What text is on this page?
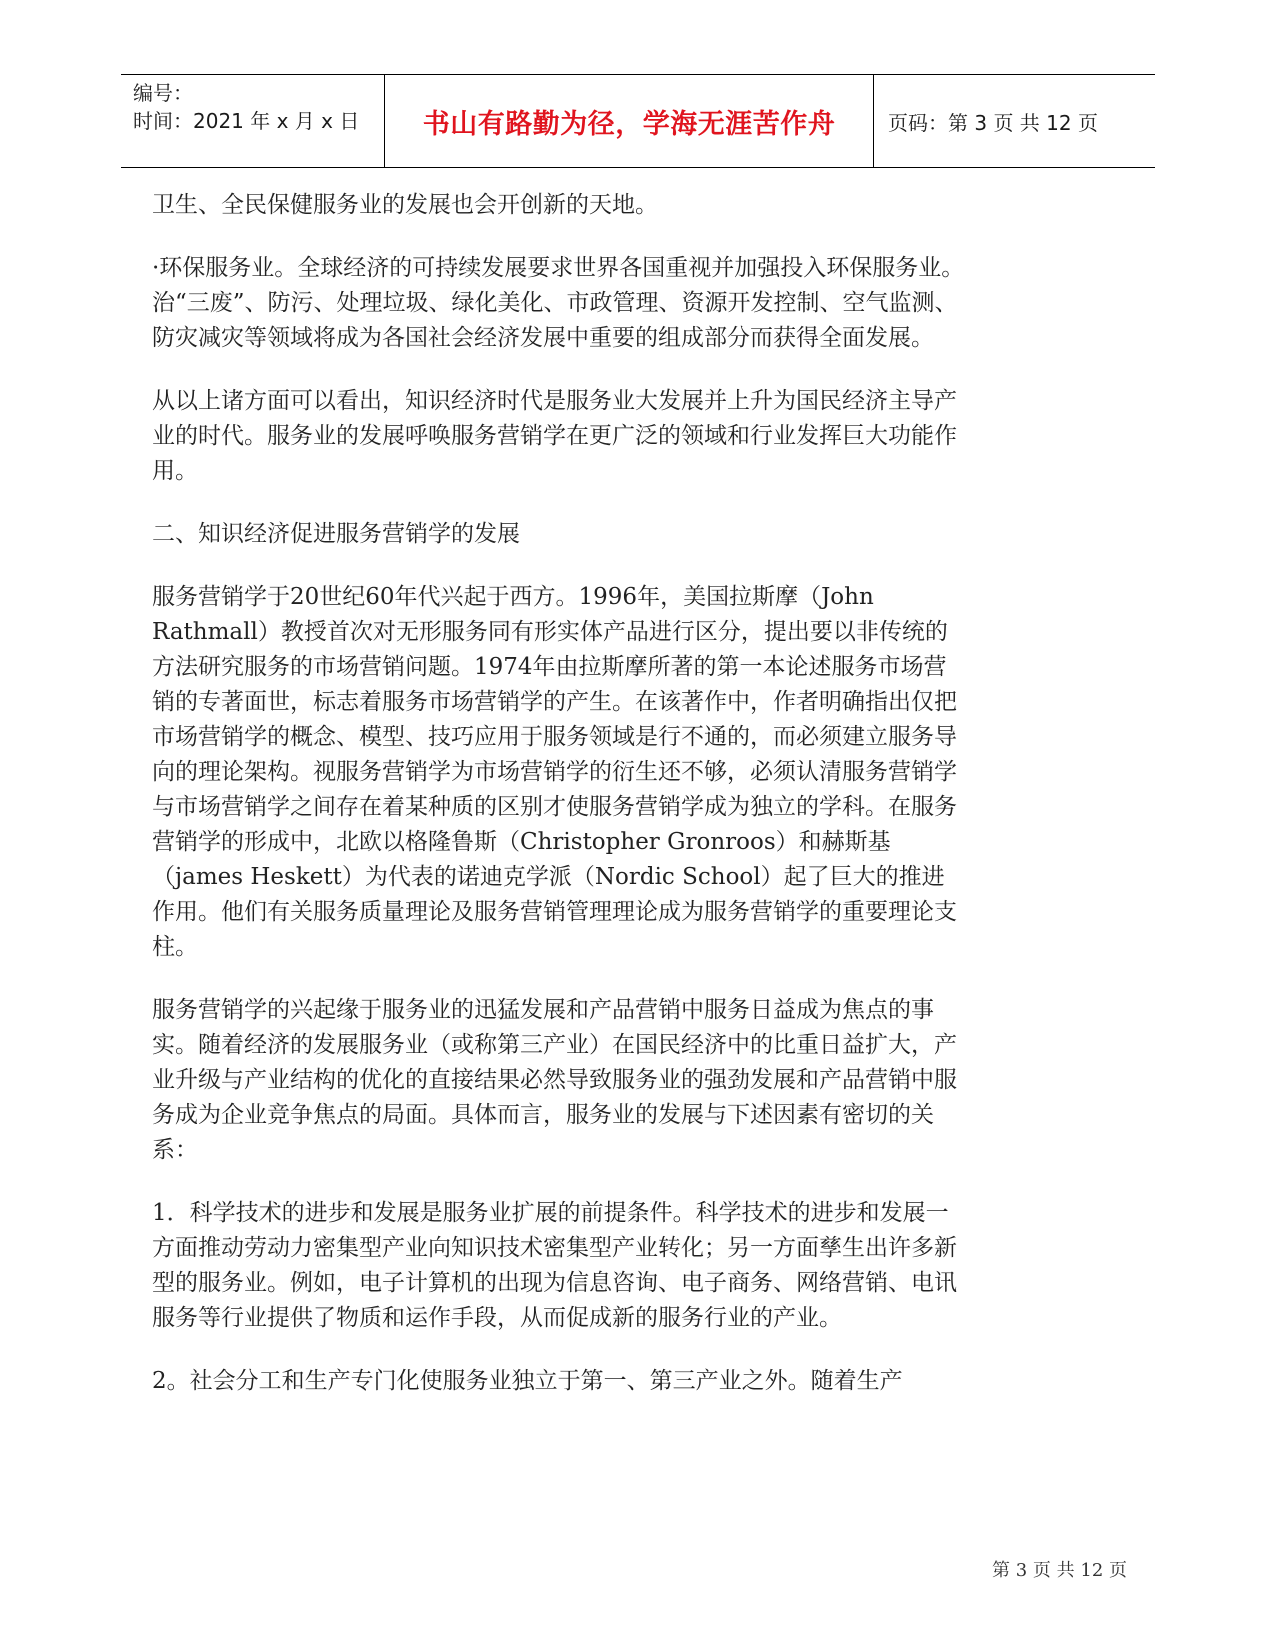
编号：
时间：2021 年 x 月 x 日	书山有路勤为径，学海无涯苦作舟	页码：第 3 页 共 12 页

卫生、全民保健服务业的发展也会开创新的天地。

·环保服务业。全球经济的可持续发展要求世界各国重视并加强投入环保服务业。治“三废”、防污、处理垃圾、绿化美化、市政管理、资源开发控制、空气监测、防灾减灾等领域将成为各国社会经济发展中重要的组成部分而获得全面发展。

从以上诸方面可以看出，知识经济时代是服务业大发展并上升为国民经济主导产业的时代。服务业的发展呼唤服务营销学在更广泛的领域和行业发挥巨大功能作用。

二、知识经济促进服务营销学的发展

服务营销学于20世纪60年代兴起于西方。1996年，美国拉斯摩（John Rathmall）教授首次对无形服务同有形实体产品进行区分，提出要以非传统的方法研究服务的市场营销问题。1974年由拉斯摩所著的第一本论述服务市场营销的专著面世，标志着服务市场营销学的产生。在该著作中，作者明确指出仅把市场营销学的概念、模型、技巧应用于服务领域是行不通的，而必须建立服务导向的理论架构。视服务营销学为市场营销学的衍生还不够，必须认清服务营销学与市场营销学之间存在着某种质的区别才使服务营销学成为独立的学科。在服务营销学的形成中，北欧以格隆鲁斯（Christopher Gronroos）和赫斯基（james Heskett）为代表的诺迪克学派（Nordic School）起了巨大的推进作用。他们有关服务质量理论及服务营销管理理论成为服务营销学的重要理论支柱。

服务营销学的兴起缘于服务业的迅猛发展和产品营销中服务日益成为焦点的事实。随着经济的发展服务业（或称第三产业）在国民经济中的比重日益扩大，产业升级与产业结构的优化的直接结果必然导致服务业的强劲发展和产品营销中服务成为企业竞争焦点的局面。具体而言，服务业的发展与下述因素有密切的关系：

1．科学技术的进步和发展是服务业扩展的前提条件。科学技术的进步和发展一方面推动劳动力密集型产业向知识技术密集型产业转化；另一方面孳生出许多新型的服务业。例如，电子计算机的出现为信息咨询、电子商务、网络营销、电讯服务等行业提供了物质和运作手段，从而促成新的服务行业的产业。

2。社会分工和生产专门化使服务业独立于第一、第三产业之外。随着生产

第 3 页 共 12 页
